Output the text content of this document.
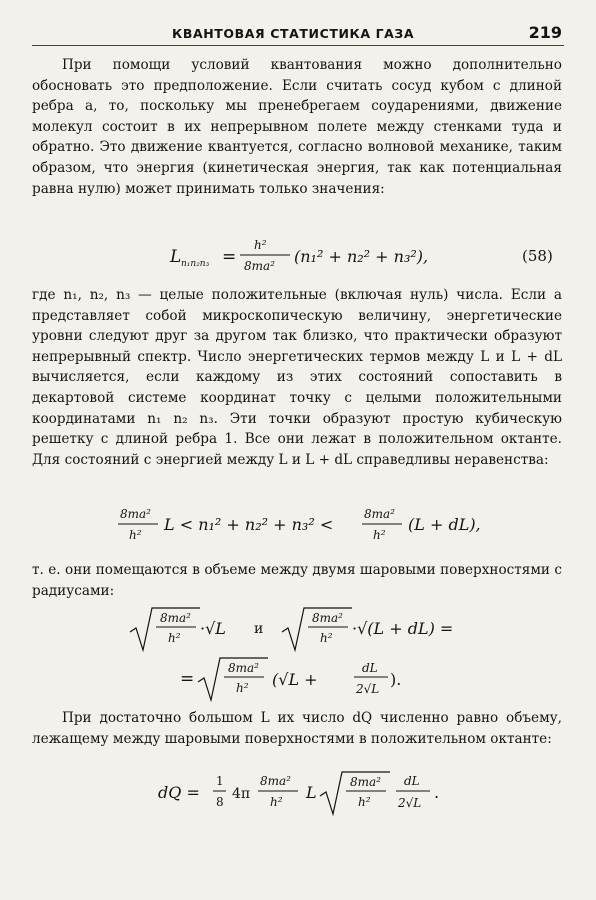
КВАНТОВАЯ СТАТИСТИКА ГАЗА	219

При помощи условий квантования можно дополнительно обосновать это предположение. Если считать сосуд кубом с длиной ребра a, то, поскольку мы пренебрегаем соударениями, движение молекул состоит в их непрерывном полете между стенками туда и обратно. Это движение квантуется, согласно волновой механике, таким образом, что энергия (кинетическая энергия, так как потенциальная равна нулю) может принимать только значения:

L n₁n₂n₃ =
h²
8ma² (n₁² + n₂² + n₃²),	(58)

где n₁, n₂, n₃ — целые положительные (включая нуль) числа. Если a представляет собой микроскопическую величину, энергетические уровни следуют друг за другом так близко, что практически образуют непрерывный спектр. Число энергетических термов между L и L + dL вычисляется, если каждому из этих состояний сопоставить в декартовой системе координат точку с целыми положительными координатами n₁ n₂ n₃. Эти точки образуют простую кубическую решетку с длиной ребра 1. Все они лежат в положительном октанте. Для состояний с энергией между L и L + dL справедливы неравенства:

8ma²
h²
L < n₁² + n₂² + n₃² <
8ma²
h²
(L + dL),

т. е. они помещаются в объеме между двумя шаровыми поверхностями с радиусами:

8ma²
h² ·√L и
8ma²
h² ·√(L + dL) =
=
8ma²
h² (√L +
dL
2√L ).

При достаточно большом L их число dQ численно равно объему, лежащему между шаровыми поверхностями в положительном октанте:

dQ =
1
8 4π
8ma²
h² L
8ma²
h²
dL
2√L
.
